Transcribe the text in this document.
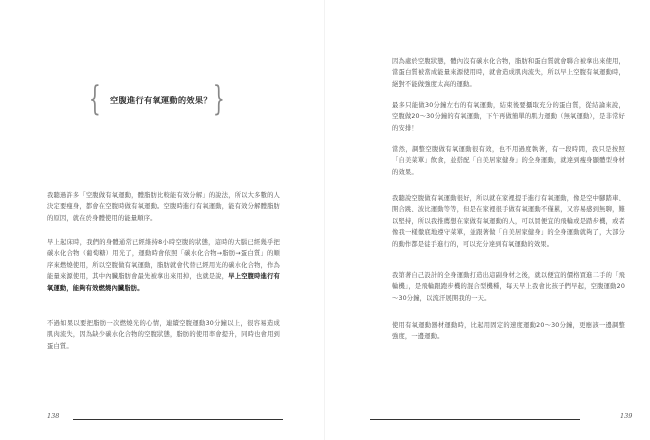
{ 空腹進行有氧運動的效果？ }

我聽過許多「空腹做有氧運動，體脂肪比較能有效分解」的說法，所以大多數的人決定要瘦身，都會在空腹時做有氧運動。空腹時進行有氧運動，能有效分解體脂肪的原因，就在於身體使用的能量順序。

早上起床時，我們的身體通常已經維持8小時空腹的狀態，這時的大腦已經幾乎把碳水化合物（葡萄糖）用光了，運動時會依照「碳水化合物→脂肪→蛋白質」的順序來燃燒使用，所以空腹做有氧運動，脂肪就會代替已經用光的碳水化合物，作為能量來源使用，其中內臟脂肪會最先被拿出來用掉，也就是說，早上空腹時進行有氧運動，能夠有效燃燒內臟脂肪。

不過如果以要把脂肪一次燃燒光的心情，連續空腹運動30分鐘以上，很容易造成肌肉流失，因為缺少碳水化合物的空腹狀態，脂肪的使用率會提升，同時也會用到蛋白質。

138

因為處於空腹狀態，體內沒有碳水化合物，脂肪和蛋白質就會聯合被拿出來使用，當蛋白質被當成能量來源使用時，就會造成肌肉流失，所以早上空腹有氧運動時，絕對不能做強度太高的運動。

最多只能做30分鐘左右的有氧運動，結束後要攝取充分的蛋白質，從結論來說，空腹做20～30分鐘的有氧運動，下午再做簡單的肌力運動（無氧運動），是非常好的安排！

當然，調整空腹做有氧運動很有效，也不用過度執著，有一段時間，我只是按照「自美菜單」飲食，並搭配「自美居家健身」的全身運動，就達到瘦身顯體型身材的效果。

我聽說空腹做有氧運動很好，所以就在家裡提手進行有氧運動，像是空中腳踏車、開合跳、波比運動等等，但是在家裡很手做有氧運動不僅累，又容易感到無聊，難以堅持，所以我推薦想在家做有氧運動的人，可以買便宜的飛輪或是踏步機，或者像我一樣徹底地遵守菜單，並跟著做「自美居家健身」的全身運動就夠了，大部分的動作都是徒手進行的，可以充分達到有氧運動的效果。

我第著自己設計的全身運動打造出這副身材之後，就以便宜的價格買進二手的「飛輪機」，是飛輪跟跑步機的混合型機種，每天早上我會比孩子們早起，空腹運動20～30分鐘，以流汗展開我的一天。

使用有氧運動器材運動時，比起用固定的速度運動20～30分鐘，更應該一邊調整強度，一邊運動。

139
